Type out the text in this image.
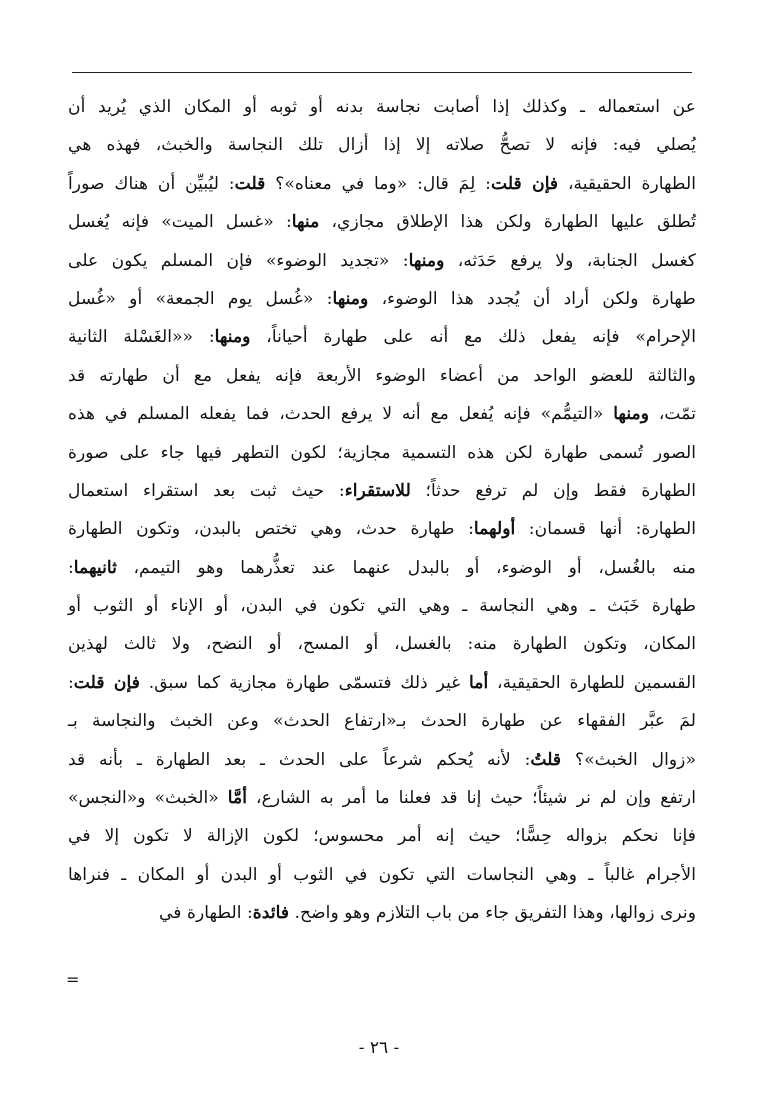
عن استعماله ـ وكذلك إذا أصابت نجاسة بدنه أو ثوبه أو المكان الذي يُريد أن
يُصلي فيه: فإنه لا تصحُّ صلاته إلا إذا أزال تلك النجاسة والخبث، فهذه هي
الطهارة الحقيقية، فإن قلت: لِمَ قال: «وما في معناه»؟ قلت: ليُبيِّن أن هناك صوراً
تُطلق عليها الطهارة ولكن هذا الإطلاق مجازي، منها: «غسل الميت» فإنه يُغسل
كغسل الجنابة، ولا يرفع حَدَثه، ومنها: «تجديد الوضوء» فإن المسلم يكون على
طهارة ولكن أراد أن يُجدد هذا الوضوء، ومنها: «غُسل يوم الجمعة» أو «غُسل
الإحرام» فإنه يفعل ذلك مع أنه على طهارة أحياناً، ومنها: ««الغَسْلة الثانية
والثالثة للعضو الواحد من أعضاء الوضوء الأربعة فإنه يفعل مع أن طهارته قد
تمّت، ومنها «التيمُّم» فإنه يُفعل مع أنه لا يرفع الحدث، فما يفعله المسلم في هذه
الصور تُسمى طهارة لكن هذه التسمية مجازية؛ لكون التطهر فيها جاء على صورة
الطهارة فقط وإن لم ترفع حدثاً؛ للاستقراء: حيث ثبت بعد استقراء استعمال
الطهارة: أنها قسمان: أولهما: طهارة حدث، وهي تختص بالبدن، وتكون الطهارة
منه بالغُسل، أو الوضوء، أو بالبدل عنهما عند تعذُّرهما وهو التيمم، ثانيهما:
طهارة خَبَث ـ وهي النجاسة ـ وهي التي تكون في البدن، أو الإناء أو الثوب أو
المكان، وتكون الطهارة منه: بالغسل، أو المسح، أو النضح، ولا ثالث لهذين
القسمين للطهارة الحقيقية، أما غير ذلك فتسمّى طهارة مجازية كما سبق. فإن قلت:
لمَ عبَّر الفقهاء عن طهارة الحدث بـ«ارتفاع الحدث» وعن الخبث والنجاسة بـ
«زوال الخبث»؟ قلتُ: لأنه يُحكم شرعاً على الحدث ـ بعد الطهارة ـ بأنه قد
ارتفع وإن لم نر شيئاً؛ حيث إنا قد فعلنا ما أمر به الشارع، أمَّا «الخبث» و«النجس»
فإنا نحكم بزواله حِسًّا؛ حيث إنه أمر محسوس؛ لكون الإزالة لا تكون إلا في
الأجرام غالباً ـ وهي النجاسات التي تكون في الثوب أو البدن أو المكان ـ فنراها
ونرى زوالها، وهذا التفريق جاء من باب التلازم وهو واضح. فائدة: الطهارة في
=
- ٢٦ -
